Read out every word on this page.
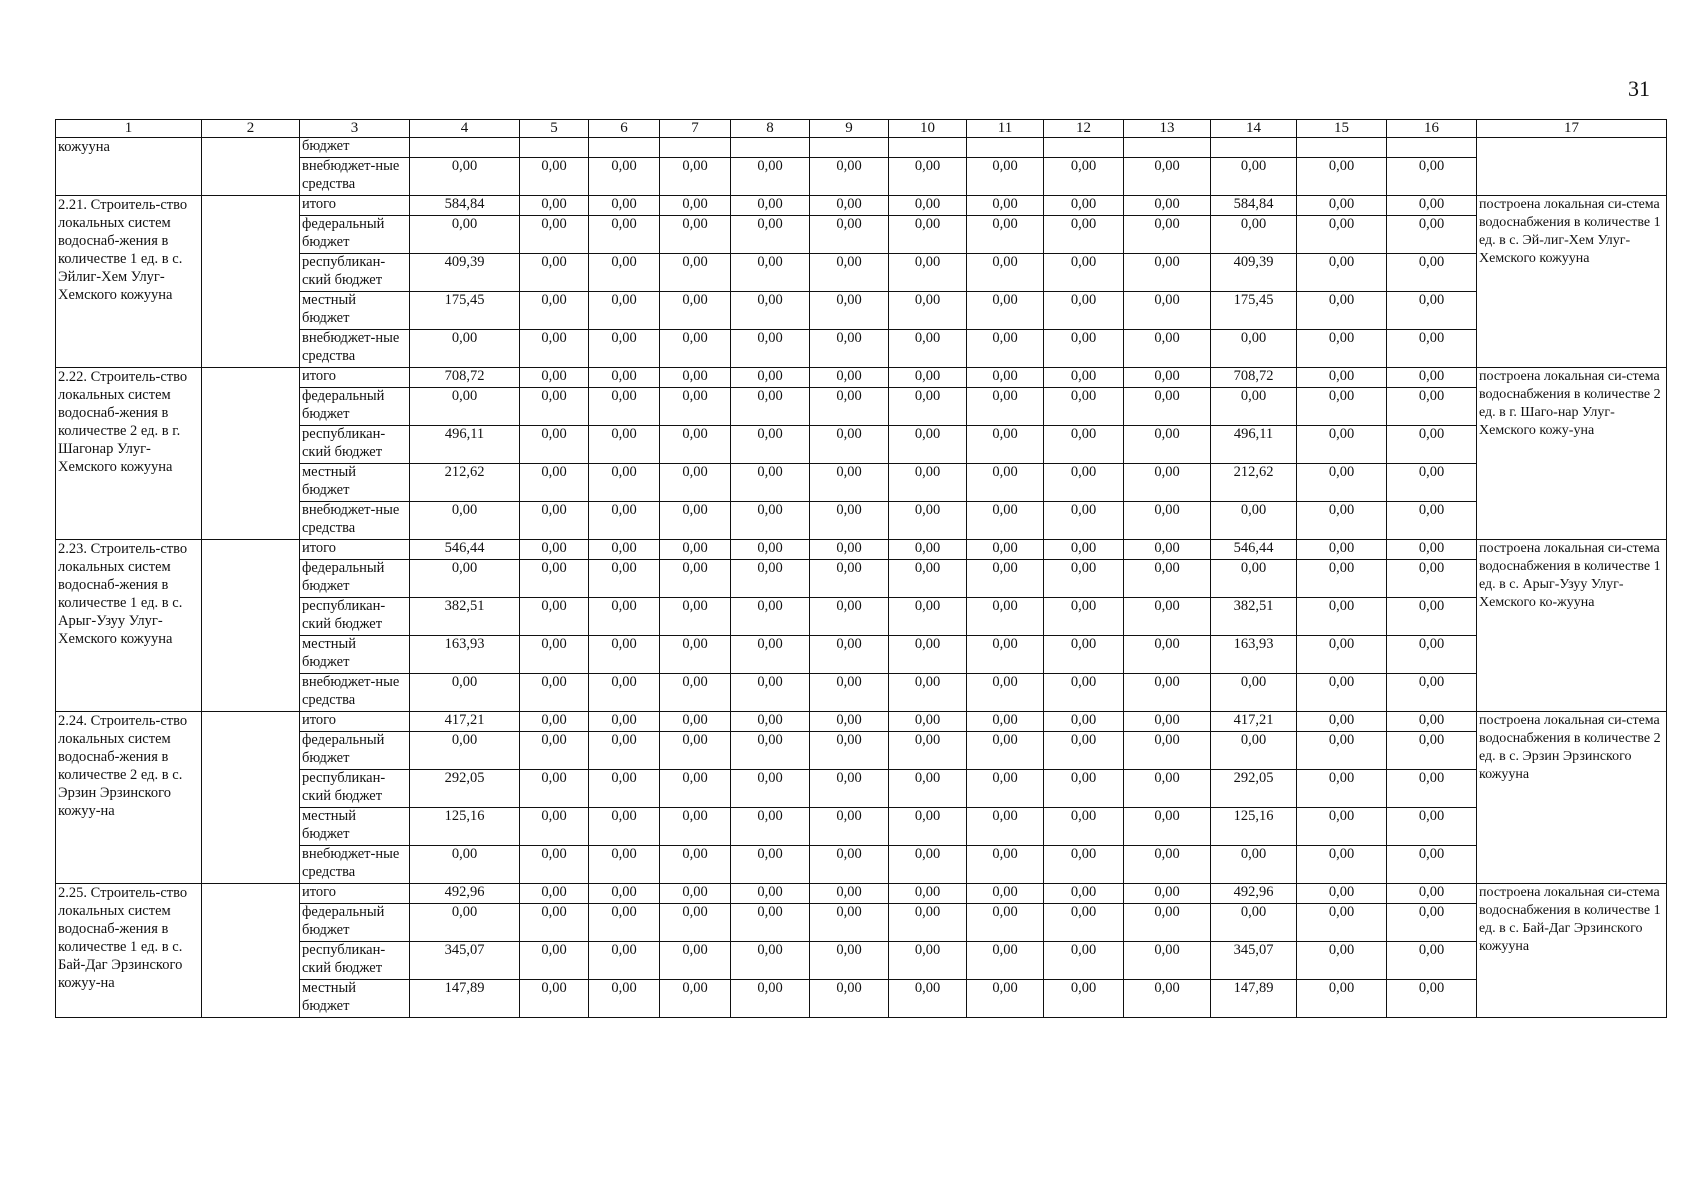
31
1	2	3	4	5	6	7	8	9	10	11	12	13	14	15	16	17
кожууна		бюджет														
		внебюджет-ные средства	0,00	0,00	0,00	0,00	0,00	0,00	0,00	0,00	0,00	0,00	0,00	0,00	0,00	
2.21. Строитель-ство локальных систем водоснаб-жения в количестве 1 ед. в с. Эйлиг-Хем Улуг-Хемского кожууна		итого	584,84	0,00	0,00	0,00	0,00	0,00	0,00	0,00	0,00	0,00	584,84	0,00	0,00	построена локальная си-стема водоснабжения в количестве 1 ед. в с. Эй-лиг-Хем Улуг-Хемского кожууна
		федеральный бюджет	0,00	0,00	0,00	0,00	0,00	0,00	0,00	0,00	0,00	0,00	0,00	0,00	0,00	
		республикан-ский бюджет	409,39	0,00	0,00	0,00	0,00	0,00	0,00	0,00	0,00	0,00	409,39	0,00	0,00	
		местный бюджет	175,45	0,00	0,00	0,00	0,00	0,00	0,00	0,00	0,00	0,00	175,45	0,00	0,00	
		внебюджет-ные средства	0,00	0,00	0,00	0,00	0,00	0,00	0,00	0,00	0,00	0,00	0,00	0,00	0,00	
2.22. Строитель-ство локальных систем водоснаб-жения в количестве 2 ед. в г. Шагонар Улуг-Хемского кожууна		итого	708,72	0,00	0,00	0,00	0,00	0,00	0,00	0,00	0,00	0,00	708,72	0,00	0,00	построена локальная си-стема водоснабжения в количестве 2 ед. в г. Шаго-нар Улуг-Хемского кожу-уна
		федеральный бюджет	0,00	0,00	0,00	0,00	0,00	0,00	0,00	0,00	0,00	0,00	0,00	0,00	0,00	
		республикан-ский бюджет	496,11	0,00	0,00	0,00	0,00	0,00	0,00	0,00	0,00	0,00	496,11	0,00	0,00	
		местный бюджет	212,62	0,00	0,00	0,00	0,00	0,00	0,00	0,00	0,00	0,00	212,62	0,00	0,00	
		внебюджет-ные средства	0,00	0,00	0,00	0,00	0,00	0,00	0,00	0,00	0,00	0,00	0,00	0,00	0,00	
2.23. Строитель-ство локальных систем водоснаб-жения в количестве 1 ед. в с. Арыг-Узуу Улуг-Хемского кожууна		итого	546,44	0,00	0,00	0,00	0,00	0,00	0,00	0,00	0,00	0,00	546,44	0,00	0,00	построена локальная си-стема водоснабжения в количестве 1 ед. в с. Арыг-Узуу Улуг-Хемского ко-жууна
		федеральный бюджет	0,00	0,00	0,00	0,00	0,00	0,00	0,00	0,00	0,00	0,00	0,00	0,00	0,00	
		республикан-ский бюджет	382,51	0,00	0,00	0,00	0,00	0,00	0,00	0,00	0,00	0,00	382,51	0,00	0,00	
		местный бюджет	163,93	0,00	0,00	0,00	0,00	0,00	0,00	0,00	0,00	0,00	163,93	0,00	0,00	
		внебюджет-ные средства	0,00	0,00	0,00	0,00	0,00	0,00	0,00	0,00	0,00	0,00	0,00	0,00	0,00	
2.24. Строитель-ство локальных систем водоснаб-жения в количестве 2 ед. в с. Эрзин Эрзинского кожуу-на		итого	417,21	0,00	0,00	0,00	0,00	0,00	0,00	0,00	0,00	0,00	417,21	0,00	0,00	построена локальная си-стема водоснабжения в количестве 2 ед. в с. Эрзин Эрзинского кожууна
		федеральный бюджет	0,00	0,00	0,00	0,00	0,00	0,00	0,00	0,00	0,00	0,00	0,00	0,00	0,00	
		республикан-ский бюджет	292,05	0,00	0,00	0,00	0,00	0,00	0,00	0,00	0,00	0,00	292,05	0,00	0,00	
		местный бюджет	125,16	0,00	0,00	0,00	0,00	0,00	0,00	0,00	0,00	0,00	125,16	0,00	0,00	
		внебюджет-ные средства	0,00	0,00	0,00	0,00	0,00	0,00	0,00	0,00	0,00	0,00	0,00	0,00	0,00	
2.25. Строитель-ство локальных систем водоснаб-жения в количестве 1 ед. в с. Бай-Даг Эрзинского кожуу-на		итого	492,96	0,00	0,00	0,00	0,00	0,00	0,00	0,00	0,00	0,00	492,96	0,00	0,00	построена локальная си-стема водоснабжения в количестве 1 ед. в с. Бай-Даг Эрзинского кожууна
		федеральный бюджет	0,00	0,00	0,00	0,00	0,00	0,00	0,00	0,00	0,00	0,00	0,00	0,00	0,00	
		республикан-ский бюджет	345,07	0,00	0,00	0,00	0,00	0,00	0,00	0,00	0,00	0,00	345,07	0,00	0,00	
		местный бюджет	147,89	0,00	0,00	0,00	0,00	0,00	0,00	0,00	0,00	0,00	147,89	0,00	0,00	
